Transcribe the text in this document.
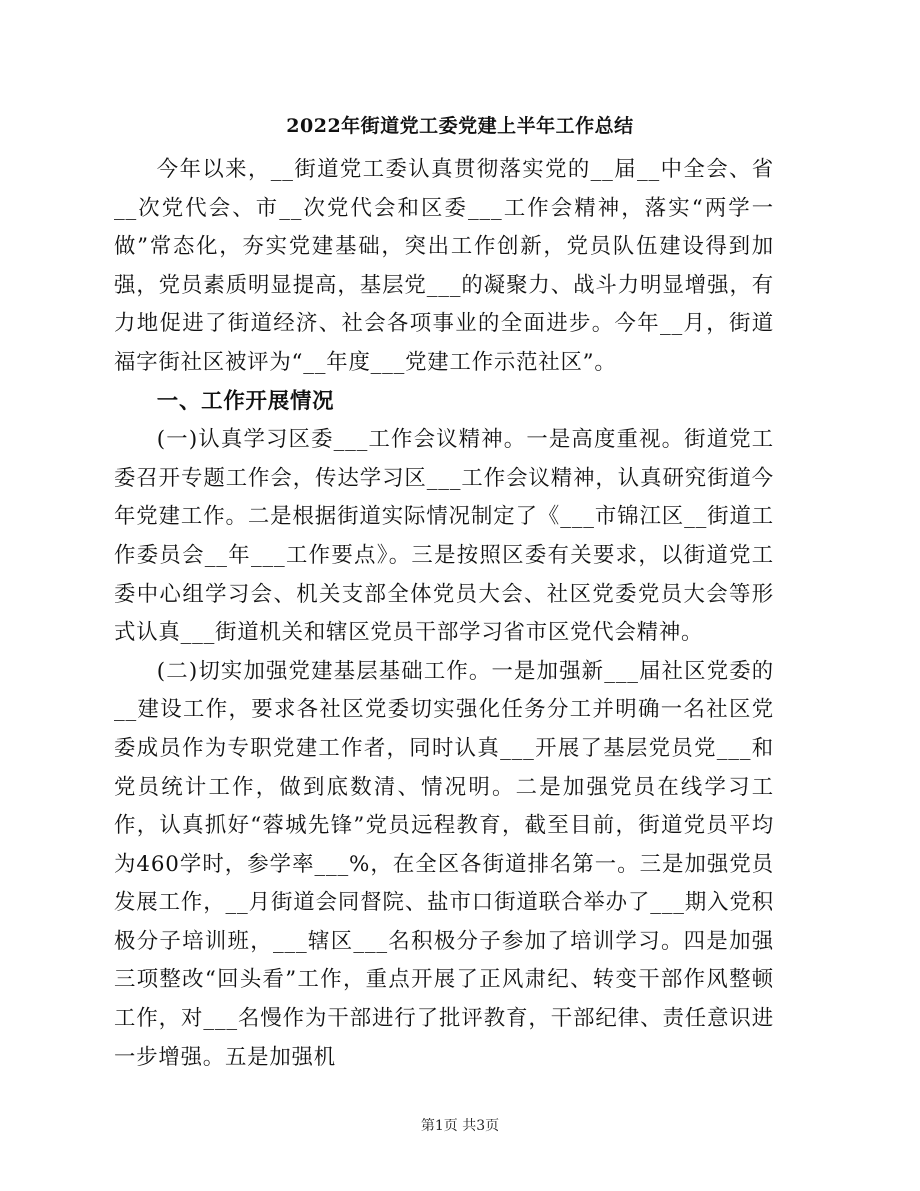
2022年街道党工委党建上半年工作总结

今年以来，__街道党工委认真贯彻落实党的__届__中全会、省__次党代会、市__次党代会和区委___工作会精神，落实“两学一做”常态化，夯实党建基础，突出工作创新，党员队伍建设得到加强，党员素质明显提高，基层党___的凝聚力、战斗力明显增强，有力地促进了街道经济、社会各项事业的全面进步。今年__月，街道福字街社区被评为“__年度___党建工作示范社区”。

一、工作开展情况

(一)认真学习区委___工作会议精神。一是高度重视。街道党工委召开专题工作会，传达学习区___工作会议精神，认真研究街道今年党建工作。二是根据街道实际情况制定了《___市锦江区__街道工作委员会__年___工作要点》。三是按照区委有关要求，以街道党工委中心组学习会、机关支部全体党员大会、社区党委党员大会等形式认真___街道机关和辖区党员干部学习省市区党代会精神。

(二)切实加强党建基层基础工作。一是加强新___届社区党委的__建设工作，要求各社区党委切实强化任务分工并明确一名社区党委成员作为专职党建工作者，同时认真___开展了基层党员党___和党员统计工作，做到底数清、情况明。二是加强党员在线学习工作，认真抓好“蓉城先锋”党员远程教育，截至目前，街道党员平均为460学时，参学率___%，在全区各街道排名第一。三是加强党员发展工作，__月街道会同督院、盐市口街道联合举办了___期入党积极分子培训班，___辖区___名积极分子参加了培训学习。四是加强三项整改“回头看”工作，重点开展了正风肃纪、转变干部作风整顿工作，对___名慢作为干部进行了批评教育，干部纪律、责任意识进一步增强。五是加强机

第1页 共3页
